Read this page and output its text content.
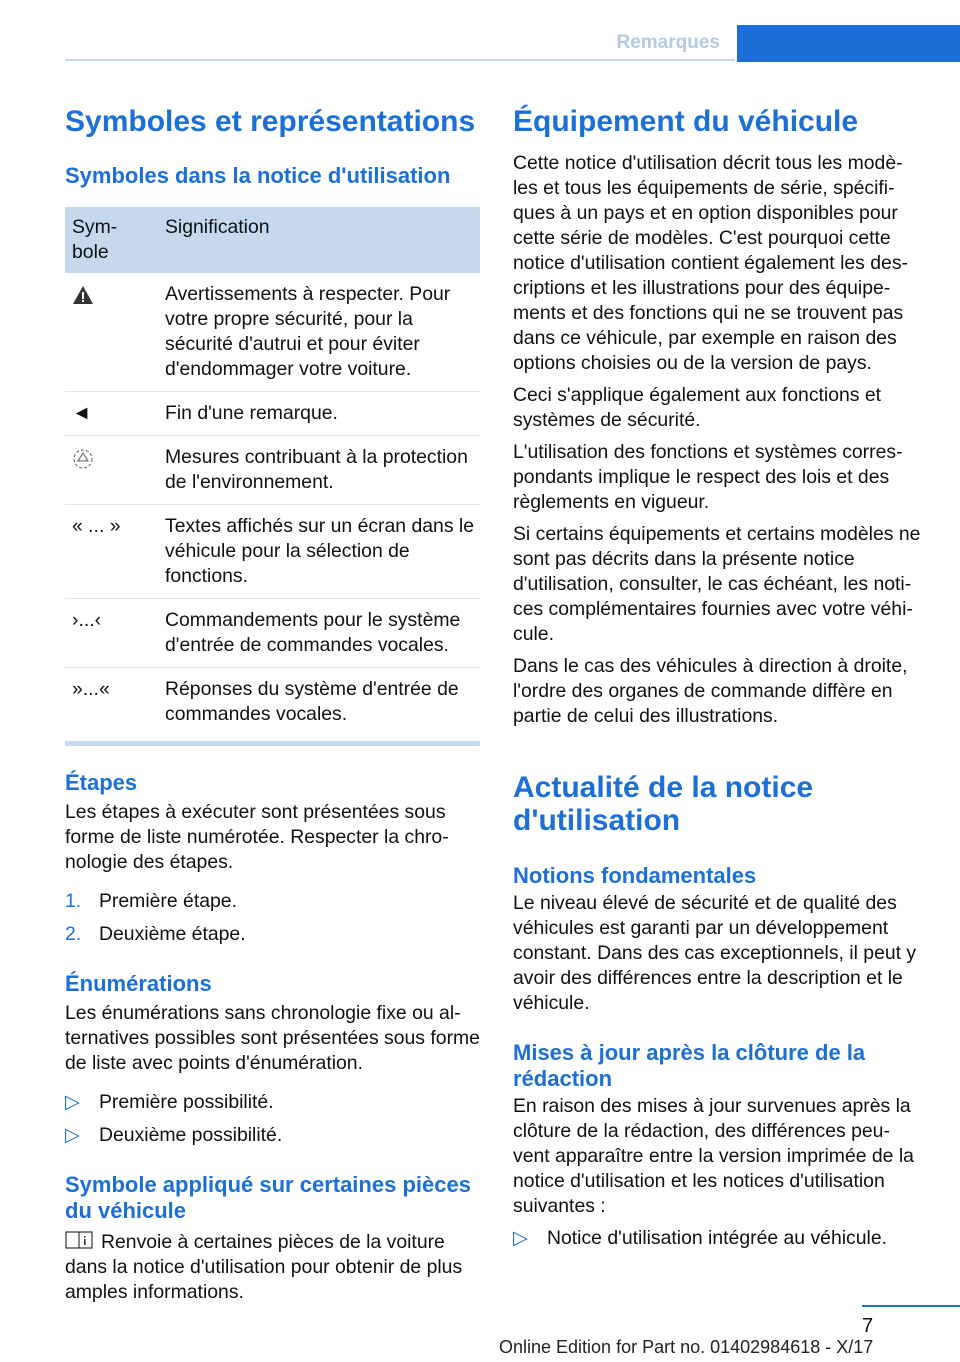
Remarques
Symboles et représentations
Symboles dans la notice d'utilisation
Sym‐
bole	Signification
	Avertissements à respecter. Pour votre propre sécurité, pour la sécurité d'autrui et pour éviter d'endommager votre voiture.
◄	Fin d'une remarque.
	Mesures contribuant à la protection de l'environnement.
« ... »	Textes affichés sur un écran dans le véhicule pour la sélection de fonctions.
›...‹	Commandements pour le système d'entrée de commandes vocales.
»...«	Réponses du système d'entrée de commandes vocales.
Étapes

Les étapes à exécuter sont présentées sous forme de liste numérotée. Respecter la chro‐ nologie des étapes.

1. Première étape.
2. Deuxième étape.
Énumérations

Les énumérations sans chronologie fixe ou al‐ ternatives possibles sont présentées sous forme de liste avec points d'énumération.

▷ Première possibilité.
▷ Deuxième possibilité.
Symbole appliqué sur certaines pièces du véhicule

Renvoie à certaines pièces de la voiture dans la notice d'utilisation pour obtenir de plus amples informations.

Équipement du véhicule

Cette notice d'utilisation décrit tous les modè‐ les et tous les équipements de série, spécifi‐ ques à un pays et en option disponibles pour cette série de modèles. C'est pourquoi cette notice d'utilisation contient également les des‐ criptions et les illustrations pour des équipe‐ ments et des fonctions qui ne se trouvent pas dans ce véhicule, par exemple en raison des options choisies ou de la version de pays.

Ceci s'applique également aux fonctions et systèmes de sécurité.

L'utilisation des fonctions et systèmes corres‐ pondants implique le respect des lois et des règlements en vigueur.

Si certains équipements et certains modèles ne sont pas décrits dans la présente notice d'utilisation, consulter, le cas échéant, les noti‐ ces complémentaires fournies avec votre véhi‐ cule.

Dans le cas des véhicules à direction à droite, l'ordre des organes de commande diffère en partie de celui des illustrations.

Actualité de la notice d'utilisation
Notions fondamentales

Le niveau élevé de sécurité et de qualité des véhicules est garanti par un développement constant. Dans des cas exceptionnels, il peut y avoir des différences entre la description et le véhicule.

Mises à jour après la clôture de la rédaction

En raison des mises à jour survenues après la clôture de la rédaction, des différences peu‐ vent apparaître entre la version imprimée de la notice d'utilisation et les notices d'utilisation suivantes :

▷ Notice d'utilisation intégrée au véhicule.
7
Online Edition for Part no. 01402984618 - X/17
